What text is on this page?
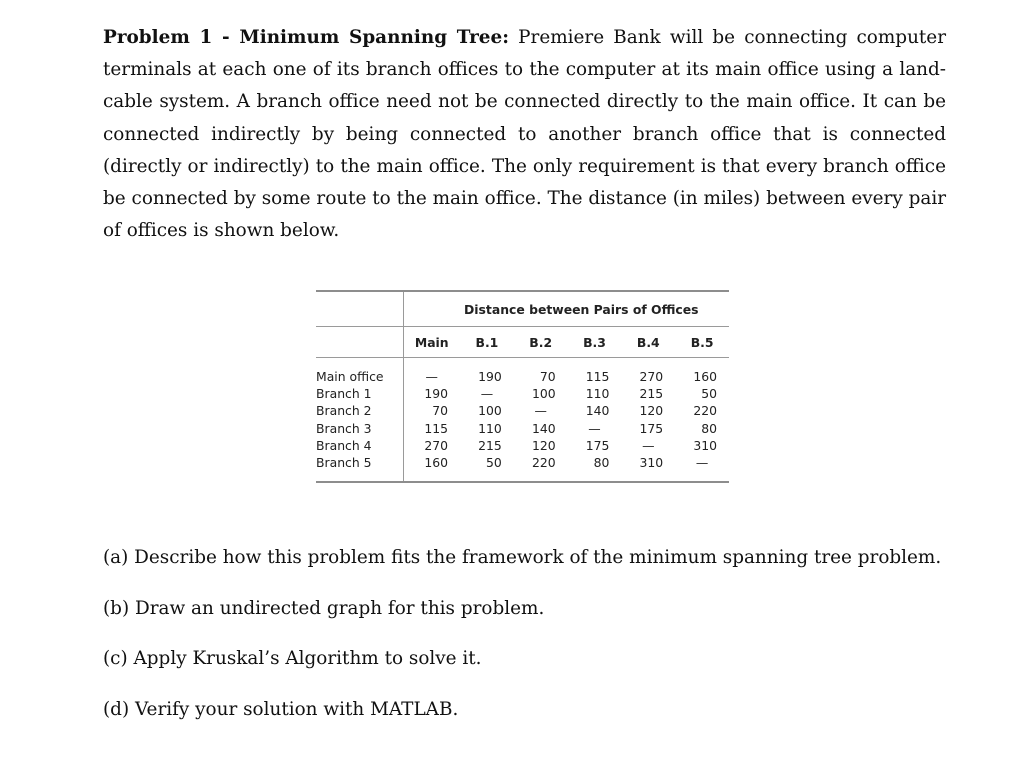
Problem 1 - Minimum Spanning Tree: Premiere Bank will be connecting computer terminals at each one of its branch offices to the computer at its main office using a land-cable system. A branch office need not be connected directly to the main office. It can be connected indirectly by being connected to another branch office that is connected (directly or indirectly) to the main office. The only requirement is that every branch office be connected by some route to the main office. The distance (in miles) between every pair of offices is shown below.
	Distance between Pairs of Offices					
	Main	B.1	B.2	B.3	B.4	B.5
Main office	—	190	70	115	270	160
Branch 1	190	—	100	110	215	50
Branch 2	70	100	—	140	120	220
Branch 3	115	110	140	—	175	80
Branch 4	270	215	120	175	—	310
Branch 5	160	50	220	80	310	—
(a) Describe how this problem fits the framework of the minimum spanning tree problem.
(b) Draw an undirected graph for this problem.
(c) Apply Kruskal’s Algorithm to solve it.
(d) Verify your solution with MATLAB.
